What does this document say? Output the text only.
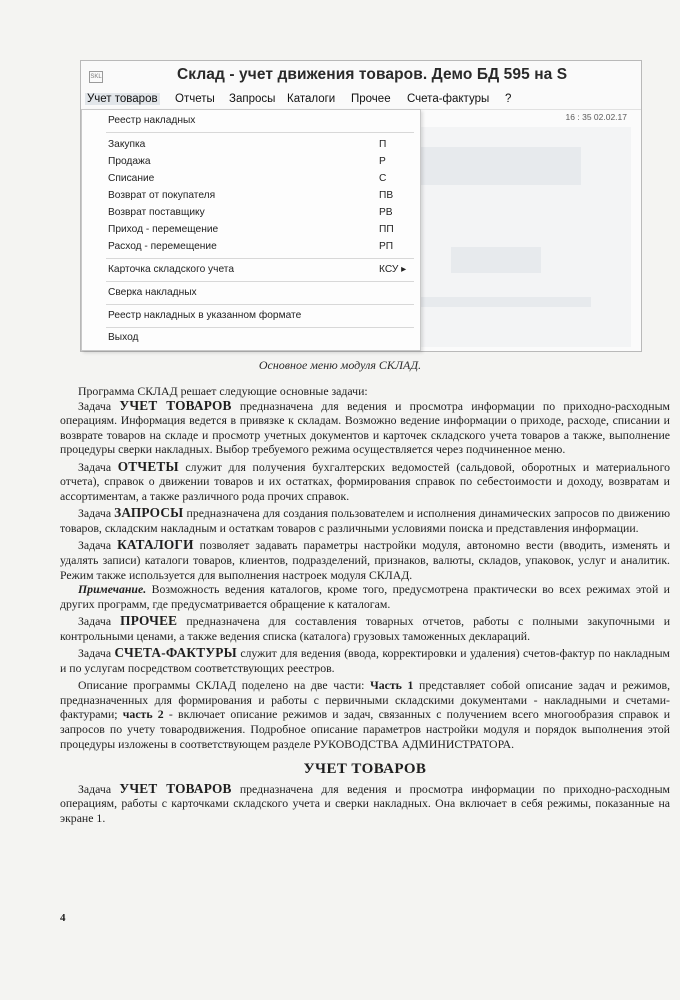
SKL	Склад - учет движения товаров. Демо БД 595 на S
Учет товаров Отчеты Запросы Каталоги Прочее Счета-фактуры ?
16 : 35 02.02.17
Реестр накладных
Закупка	П
Продажа	Р
Списание	С
Возврат от покупателя	ПВ
Возврат поставщику	РВ
Приход - перемещение	ПП
Расход - перемещение	РП
Карточка складского учета	КСУ ▸
Сверка накладных
Реестр накладных в указанном формате
Выход
Основное меню модуля СКЛАД.

Программа СКЛАД решает следующие основные задачи:

Задача УЧЕТ ТОВАРОВ предназначена для ведения и просмотра информации по приходно-расходным операциям. Информация ведется в привязке к складам. Возможно ведение информации о приходе, расходе, списании и возврате товаров на складе и просмотр учетных документов и карточек складского учета товаров а также, выполнение процедуры сверки накладных. Выбор требуемого режима осуществляется через подчиненное меню.

Задача ОТЧЕТЫ служит для получения бухгалтерских ведомостей (сальдовой, оборотных и материального отчета), справок о движении товаров и их остатках, формирования справок по себестоимости и доходу, возвратам и ассортиментам, а также различного рода прочих справок.

Задача ЗАПРОСЫ предназначена для создания пользователем и исполнения динамических запросов по движению товаров, складским накладным и остаткам товаров с различными условиями поиска и представления информации.

Задача КАТАЛОГИ позволяет задавать параметры настройки модуля, автономно вести (вводить, изменять и удалять записи) каталоги товаров, клиентов, подразделений, признаков, валюты, складов, упаковок, услуг и аналитик. Режим также используется для выполнения настроек модуля СКЛАД.

Примечание. Возможность ведения каталогов, кроме того, предусмотрена практически во всех режимах этой и других программ, где предусматривается обращение к каталогам.

Задача ПРОЧЕЕ предназначена для составления товарных отчетов, работы с полными закупочными и контрольными ценами, а также ведения списка (каталога) грузовых таможенных деклараций.

Задача СЧЕТА-ФАКТУРЫ служит для ведения (ввода, корректировки и удаления) счетов-фактур по накладным и по услугам посредством соответствующих реестров.

Описание программы СКЛАД поделено на две части: Часть 1 представляет собой описание задач и режимов, предназначенных для формирования и работы с первичными складскими документами - накладными и счетами-фактурами; часть 2 - включает описание режимов и задач, связанных с получением всего многообразия справок и запросов по учету товародвижения. Подробное описание параметров настройки модуля и порядок выполнения этой процедуры изложены в соответствующем разделе РУКОВОДСТВА АДМИНИСТРАТОРА.

УЧЕТ ТОВАРОВ

Задача УЧЕТ ТОВАРОВ предназначена для ведения и просмотра информации по приходно-расходным операциям, работы с карточками складского учета и сверки накладных. Она включает в себя режимы, показанные на экране 1.

4
